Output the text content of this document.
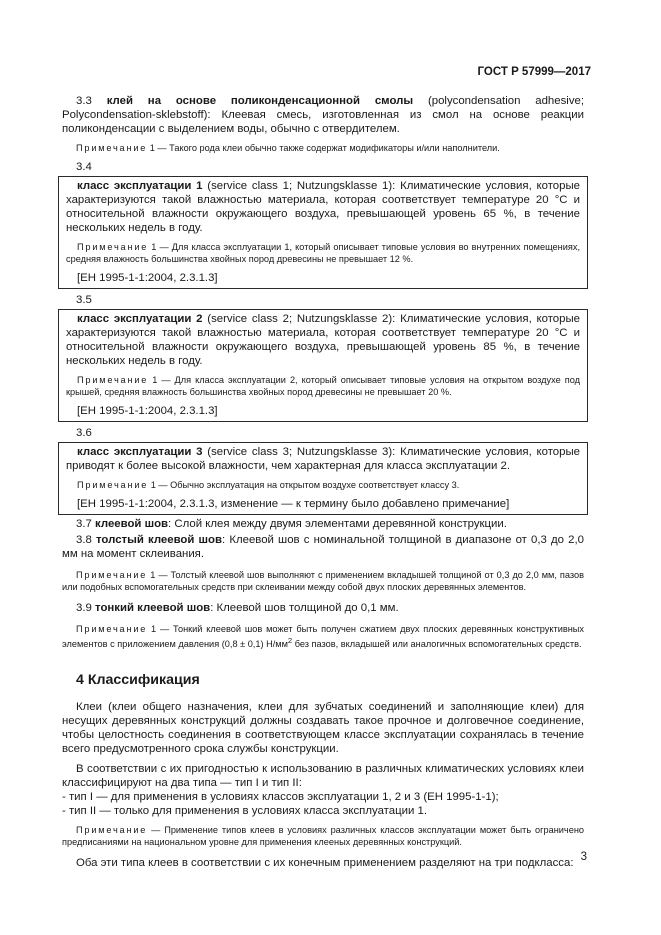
ГОСТ Р 57999—2017

3.3 клей на основе поликонденсационной смолы (polycondensation adhesive; Polycondensation-sklebstoff): Клеевая смесь, изготовленная из смол на основе реакции поликонденсации с выделением воды, обычно с отвердителем.

Примечание 1 — Такого рода клеи обычно также содержат модификаторы и/или наполнители.

3.4

класс эксплуатации 1 (service class 1; Nutzungsklasse 1): Климатические условия, которые характеризуются такой влажностью материала, которая соответствует температуре 20 °С и относительной влажности окружающего воздуха, превышающей уровень 65 %, в течение нескольких недель в году.

Примечание 1 — Для класса эксплуатации 1, который описывает типовые условия во внутренних помещениях, средняя влажность большинства хвойных пород древесины не превышает 12 %.

[ЕН 1995-1-1:2004, 2.3.1.3]

3.5

класс эксплуатации 2 (service class 2; Nutzungsklasse 2): Климатические условия, которые характеризуются такой влажностью материала, которая соответствует температуре 20 °С и относительной влажности окружающего воздуха, превышающей уровень 85 %, в течение нескольких недель в году.

Примечание 1 — Для класса эксплуатации 2, который описывает типовые условия на открытом воздухе под крышей, средняя влажность большинства хвойных пород древесины не превышает 20 %.

[ЕН 1995-1-1:2004, 2.3.1.3]

3.6

класс эксплуатации 3 (service class 3; Nutzungsklasse 3): Климатические условия, которые приводят к более высокой влажности, чем характерная для класса эксплуатации 2.

Примечание 1 — Обычно эксплуатация на открытом воздухе соответствует классу 3.

[ЕН 1995-1-1:2004, 2.3.1.3, изменение — к термину было добавлено примечание]

3.7 клеевой шов: Слой клея между двумя элементами деревянной конструкции.

3.8 толстый клеевой шов: Клеевой шов с номинальной толщиной в диапазоне от 0,3 до 2,0 мм на момент склеивания.

Примечание 1 — Толстый клеевой шов выполняют с применением вкладышей толщиной от 0,3 до 2,0 мм, пазов или подобных вспомогательных средств при склеивании между собой двух плоских деревянных элементов.

3.9 тонкий клеевой шов: Клеевой шов толщиной до 0,1 мм.

Примечание 1 — Тонкий клеевой шов может быть получен сжатием двух плоских деревянных конструктивных элементов с приложением давления (0,8 ± 0,1) $Н/мм^2$ без пазов, вкладышей или аналогичных вспомогательных средств.

4 Классификация

Клеи (клеи общего назначения, клеи для зубчатых соединений и заполняющие клеи) для несущих деревянных конструкций должны создавать такое прочное и долговечное соединение, чтобы целостность соединения в соответствующем классе эксплуатации сохранялась в течение всего предусмотренного срока службы конструкции.

В соответствии с их пригодностью к использованию в различных климатических условиях клеи классифицируют на два типа — тип I и тип II:

- тип I — для применения в условиях классов эксплуатации 1, 2 и 3 (ЕН 1995-1-1);

- тип II — только для применения в условиях класса эксплуатации 1.

Примечание — Применение типов клеев в условиях различных классов эксплуатации может быть ограничено предписаниями на национальном уровне для применения клееных деревянных конструкций.

Оба эти типа клеев в соответствии с их конечным применением разделяют на три подкласса:

3
